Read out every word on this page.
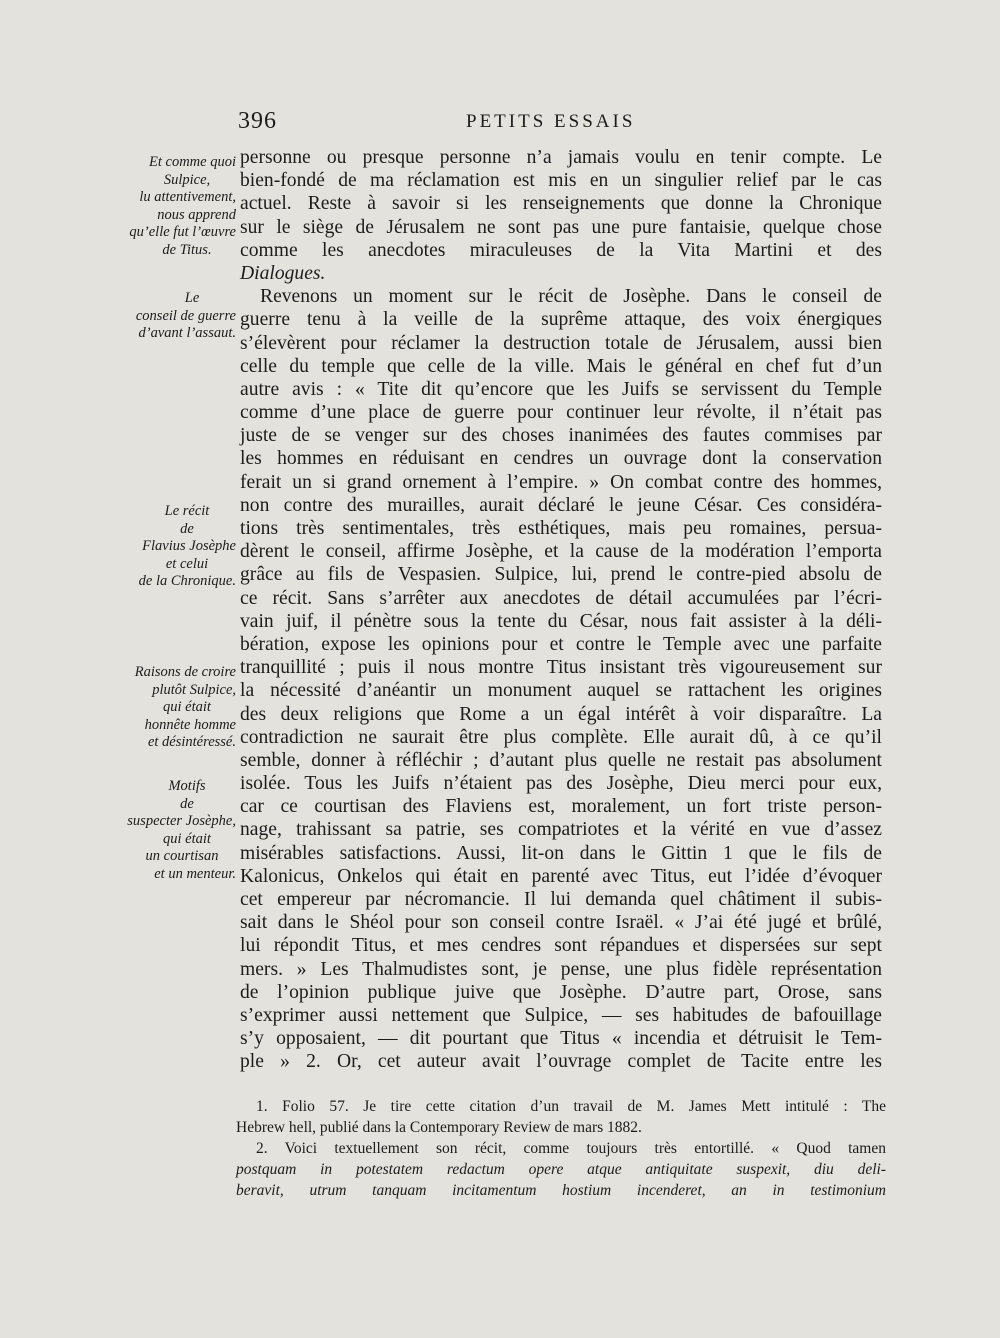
396	PETITS ESSAIS
Et comme quoi
Sulpice,
lu attentivement,
nous apprend
qu’elle fut l’œuvre
de Titus.
Le
conseil de guerre
d’avant l’assaut.
Le récit
de
Flavius Josèphe
et celui
de la Chronique.
Raisons de croire
plutôt Sulpice,
qui était
honnête homme
et désintéressé.
Motifs
de
suspecter Josèphe,
qui était
un courtisan
et un menteur.
personne ou presque personne n’a jamais voulu en tenir compte. Le
bien-fondé de ma réclamation est mis en un singulier relief par le cas
actuel. Reste à savoir si les renseignements que donne la Chronique
sur le siège de Jérusalem ne sont pas une pure fantaisie, quelque chose
comme les anecdotes miraculeuses de la Vita Martini et des
Dialogues.
Revenons un moment sur le récit de Josèphe. Dans le conseil de
guerre tenu à la veille de la suprême attaque, des voix énergiques
s’élevèrent pour réclamer la destruction totale de Jérusalem, aussi bien
celle du temple que celle de la ville. Mais le général en chef fut d’un
autre avis : « Tite dit qu’encore que les Juifs se servissent du Temple
comme d’une place de guerre pour continuer leur révolte, il n’était pas
juste de se venger sur des choses inanimées des fautes commises par
les hommes en réduisant en cendres un ouvrage dont la conservation
ferait un si grand ornement à l’empire. » On combat contre des hommes,
non contre des murailles, aurait déclaré le jeune César. Ces considéra-
tions très sentimentales, très esthétiques, mais peu romaines, persua-
dèrent le conseil, affirme Josèphe, et la cause de la modération l’emporta
grâce au fils de Vespasien. Sulpice, lui, prend le contre-pied absolu de
ce récit. Sans s’arrêter aux anecdotes de détail accumulées par l’écri-
vain juif, il pénètre sous la tente du César, nous fait assister à la déli-
bération, expose les opinions pour et contre le Temple avec une parfaite
tranquillité ; puis il nous montre Titus insistant très vigoureusement sur
la nécessité d’anéantir un monument auquel se rattachent les origines
des deux religions que Rome a un égal intérêt à voir disparaître. La
contradiction ne saurait être plus complète. Elle aurait dû, à ce qu’il
semble, donner à réfléchir ; d’autant plus quelle ne restait pas absolument
isolée. Tous les Juifs n’étaient pas des Josèphe, Dieu merci pour eux,
car ce courtisan des Flaviens est, moralement, un fort triste person-
nage, trahissant sa patrie, ses compatriotes et la vérité en vue d’assez
misérables satisfactions. Aussi, lit-on dans le Gittin 1 que le fils de
Kalonicus, Onkelos qui était en parenté avec Titus, eut l’idée d’évoquer
cet empereur par nécromancie. Il lui demanda quel châtiment il subis-
sait dans le Shéol pour son conseil contre Israël. « J’ai été jugé et brûlé,
lui répondit Titus, et mes cendres sont répandues et dispersées sur sept
mers. » Les Thalmudistes sont, je pense, une plus fidèle représentation
de l’opinion publique juive que Josèphe. D’autre part, Orose, sans
s’exprimer aussi nettement que Sulpice, — ses habitudes de bafouillage
s’y opposaient, — dit pourtant que Titus « incendia et détruisit le Tem-
ple » 2. Or, cet auteur avait l’ouvrage complet de Tacite entre les
1. Folio 57. Je tire cette citation d’un travail de M. James Mett intitulé : The
Hebrew hell, publié dans la Contemporary Review de mars 1882.
2. Voici textuellement son récit, comme toujours très entortillé. « Quod tamen
postquam in potestatem redactum opere atque antiquitate suspexit, diu deli-
beravit, utrum tanquam incitamentum hostium incenderet, an in testimonium
